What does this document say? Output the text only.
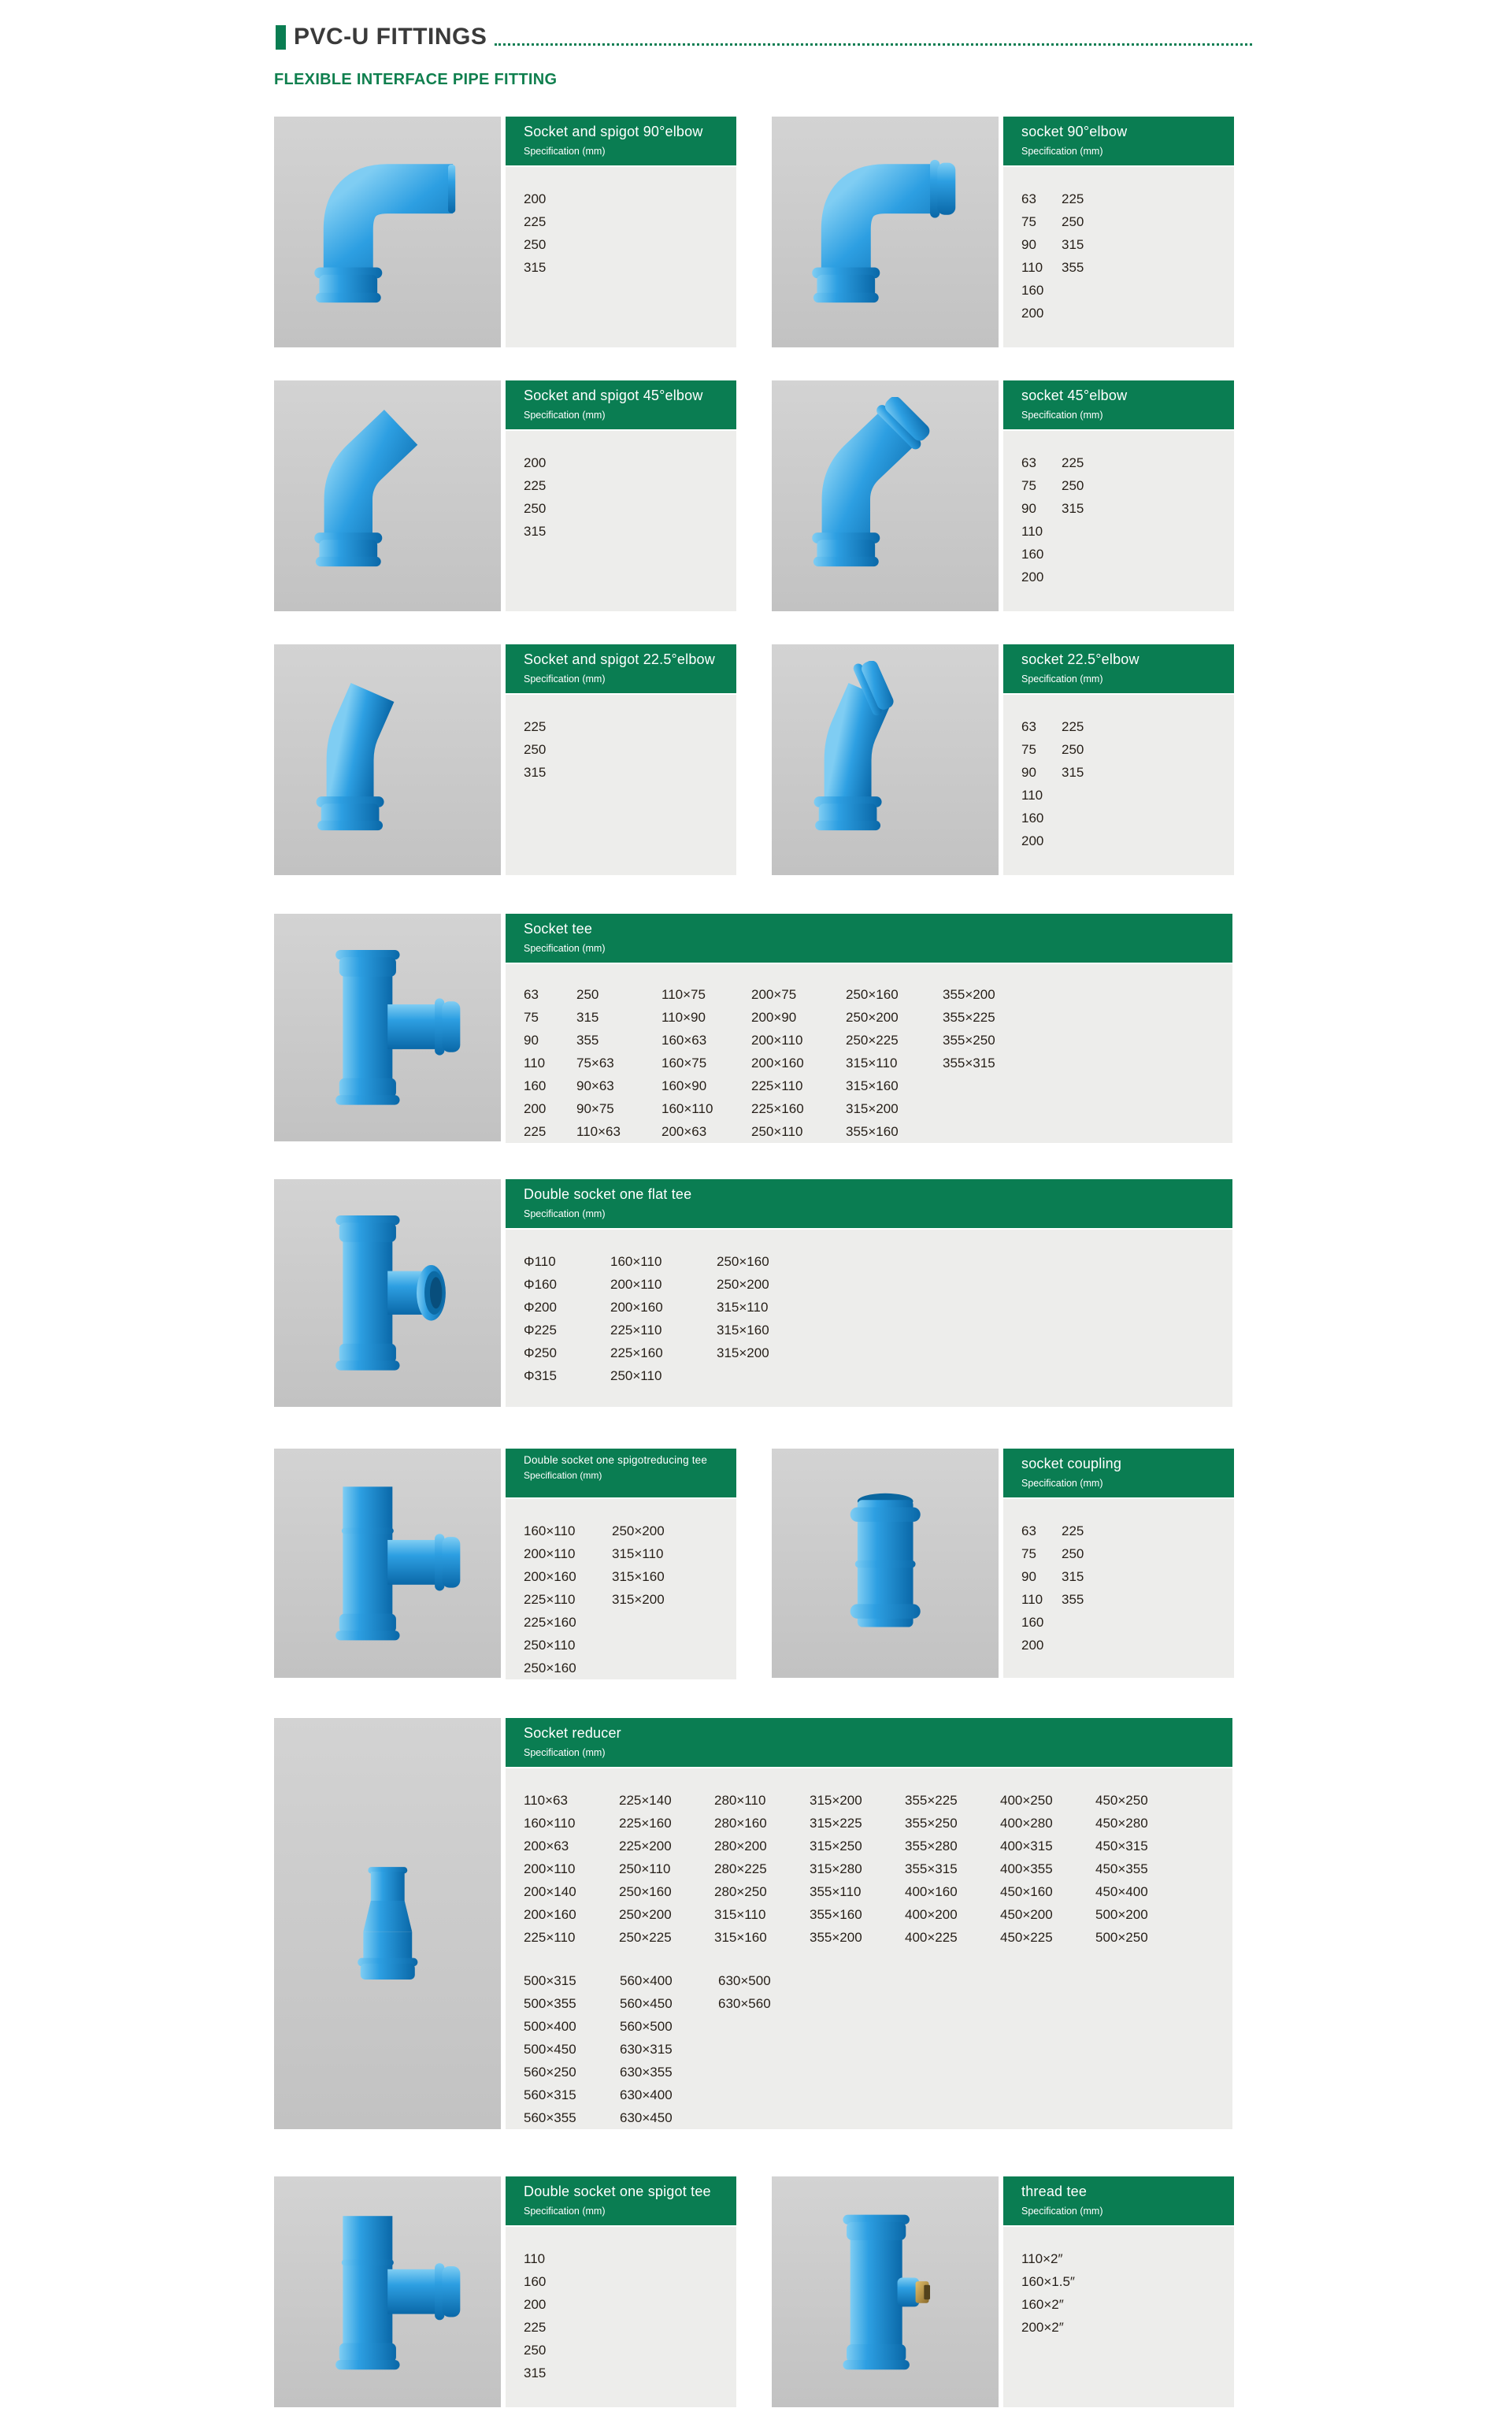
PVC-U FITTINGS
FLEXIBLE INTERFACE PIPE FITTING
Socket and spigot 90°elbow
Specification (mm)
200
225
250
315
socket 90°elbow
Specification (mm)
63
75
90
110
160
200
225
250
315
355
Socket and spigot 45°elbow
Specification (mm)
200
225
250
315
socket 45°elbow
Specification (mm)
63
75
90
110
160
200
225
250
315
Socket and spigot 22.5°elbow
Specification (mm)
225
250
315
socket 22.5°elbow
Specification (mm)
63
75
90
110
160
200
225
250
315
Socket tee
Specification (mm)
63
75
90
110
160
200
225
250
315
355
75×63
90×63
90×75
110×63
110×75
110×90
160×63
160×75
160×90
160×110
200×63
200×75
200×90
200×110
200×160
225×110
225×160
250×110
250×160
250×200
250×225
315×110
315×160
315×200
355×160
355×200
355×225
355×250
355×315
Double socket one flat tee
Specification (mm)
Φ110
Φ160
Φ200
Φ225
Φ250
Φ315
160×110
200×110
200×160
225×110
225×160
250×110
250×160
250×200
315×110
315×160
315×200
Double socket one spigotreducing tee
Specification (mm)
160×110
200×110
200×160
225×110
225×160
250×110
250×160
250×200
315×110
315×160
315×200
socket coupling
Specification (mm)
63
75
90
110
160
200
225
250
315
355
Socket reducer
Specification (mm)
110×63
160×110
200×63
200×110
200×140
200×160
225×110
225×140
225×160
225×200
250×110
250×160
250×200
250×225
280×110
280×160
280×200
280×225
280×250
315×110
315×160
315×200
315×225
315×250
315×280
355×110
355×160
355×200
355×225
355×250
355×280
355×315
400×160
400×200
400×225
400×250
400×280
400×315
400×355
450×160
450×200
450×225
450×250
450×280
450×315
450×355
450×400
500×200
500×250
500×315
500×355
500×400
500×450
560×250
560×315
560×355
560×400
560×450
560×500
630×315
630×355
630×400
630×450
630×500
630×560
Double socket one spigot tee
Specification (mm)
110
160
200
225
250
315
thread tee
Specification (mm)
110×2″
160×1.5″
160×2″
200×2″
